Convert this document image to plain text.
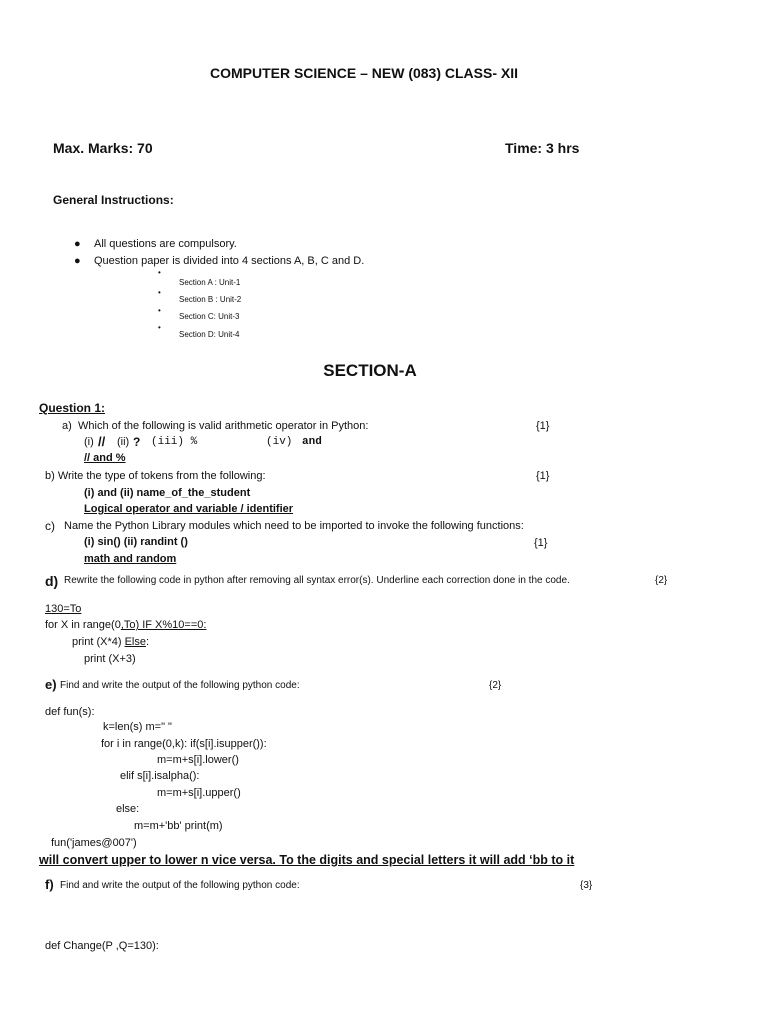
COMPUTER SCIENCE – NEW (083) CLASS- XII
Max. Marks: 70	Time: 3 hrs
General Instructions:
● All questions are compulsory.
● Question paper is divided into 4 sections A, B, C and D.
•
Section A : Unit-1
•
Section B : Unit-2
•
Section C: Unit-3
•
Section D: Unit-4
SECTION-A
Question 1:
a) Which of the following is valid arithmetic operator in Python:	{1}
(i) // (ii) ? (iii) %	(iv) and
// and %
b) Write the type of tokens from the following:	{1}
(i) and (ii) name_of_the_student
Logical operator and variable / identifier
c) Name the Python Library modules which need to be imported to invoke the following functions:
(i) sin() (ii) randint ()	{1}
math and random
d) Rewrite the following code in python after removing all syntax error(s). Underline each correction done in the code.	{2}
130=To
for X in range(0,To) IF X%10==0:
print (X*4) Else:
print (X+3)
e) Find and write the output of the following python code:	{2}
def fun(s):
k=len(s) m=" "
for i in range(0,k): if(s[i].isupper()):
m=m+s[i].lower()
elif s[i].isalpha():
m=m+s[i].upper()
else:
m=m+'bb' print(m)
fun('james@007')
will convert upper to lower n vice versa. To the digits and special letters it will add ‘bb to it
f) Find and write the output of the following python code:	{3}
def Change(P ,Q=130):
